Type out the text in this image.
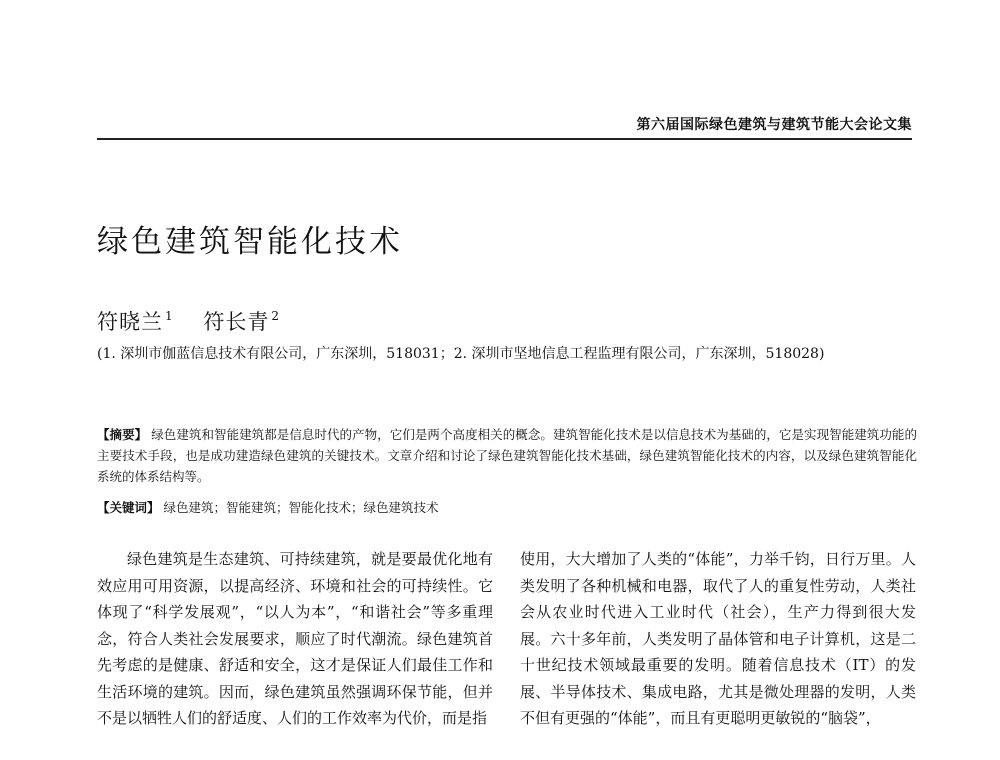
第六届国际绿色建筑与建筑节能大会论文集
绿色建筑智能化技术
符晓兰 $^1$ 符长青 $^2$
(1. 深圳市伽蓝信息技术有限公司，广东深圳，518031；2. 深圳市坚地信息工程监理有限公司，广东深圳，518028)
【摘要】 绿色建筑和智能建筑都是信息时代的产物，它们是两个高度相关的概念。建筑智能化技术是以信息技术为基础的，它是实现智能建筑功能的主要技术手段，也是成功建造绿色建筑的关键技术。文章介绍和讨论了绿色建筑智能化技术基础，绿色建筑智能化技术的内容，以及绿色建筑智能化系统的体系结构等。
【关键词】 绿色建筑；智能建筑；智能化技术；绿色建筑技术

绿色建筑是生态建筑、可持续建筑，就是要最优化地有效应用可用资源，以提高经济、环境和社会的可持续性。它体现了“科学发展观”，“以人为本”，“和谐社会”等多重理念，符合人类社会发展要求，顺应了时代潮流。绿色建筑首先考虑的是健康、舒适和安全，这才是保证人们最佳工作和生活环境的建筑。因而，绿色建筑虽然强调环保节能，但并不是以牺牲人们的舒适度、人们的工作效率为代价，而是指

使用，大大增加了人类的“体能”，力举千钧，日行万里。人类发明了各种机械和电器，取代了人的重复性劳动，人类社会从农业时代进入工业时代（社会），生产力得到很大发展。六十多年前，人类发明了晶体管和电子计算机，这是二十世纪技术领域最重要的发明。随着信息技术（IT）的发展、半导体技术、集成电路，尤其是微处理器的发明，人类不但有更强的“体能”，而且有更聪明更敏锐的“脑袋”，
